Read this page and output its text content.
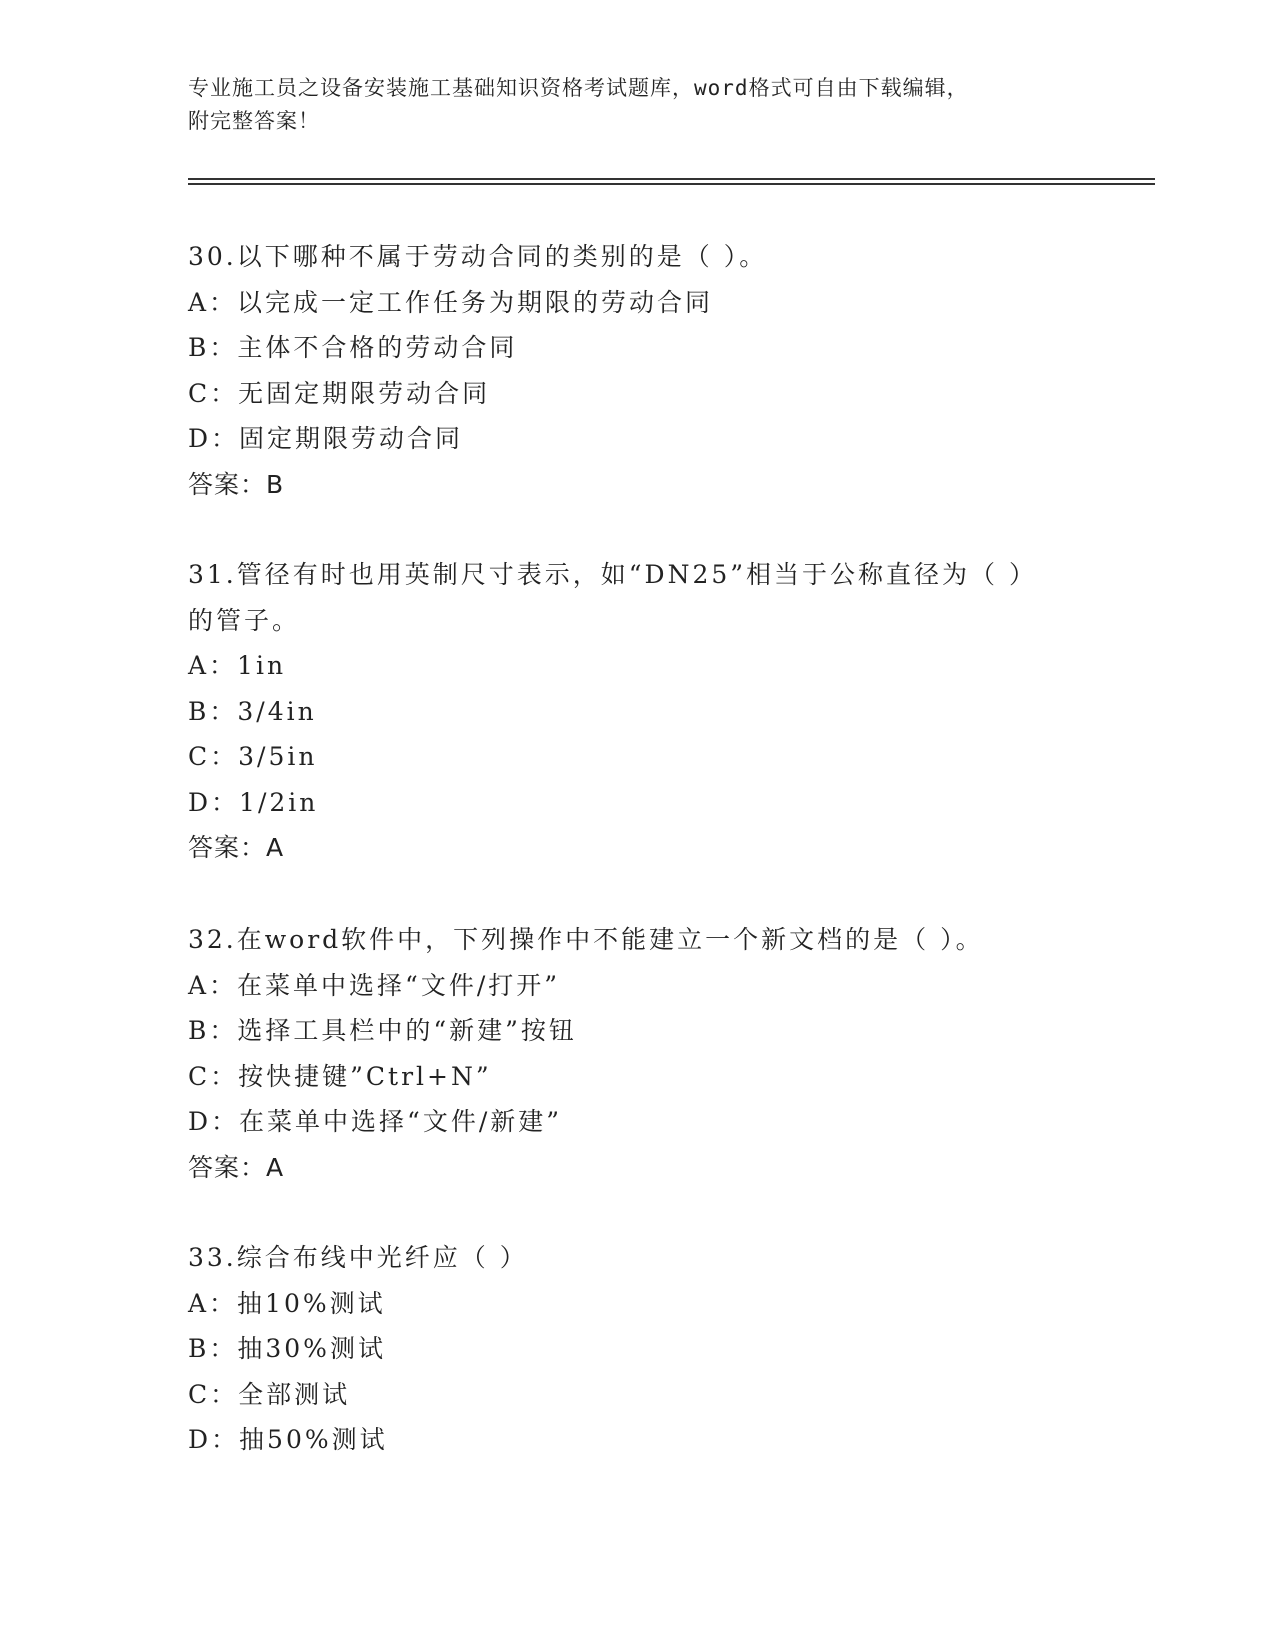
专业施工员之设备安装施工基础知识资格考试题库，word格式可自由下载编辑，
附完整答案！
30.以下哪种不属于劳动合同的类别的是（ ）。
A：以完成一定工作任务为期限的劳动合同
B：主体不合格的劳动合同
C：无固定期限劳动合同
D：固定期限劳动合同
答案：B
31.管径有时也用英制尺寸表示，如“DN25”相当于公称直径为（ ）
的管子。
A：1in
B：3/4in
C：3/5in
D：1/2in
答案：A
32.在word软件中，下列操作中不能建立一个新文档的是（ ）。
A：在菜单中选择“文件/打开”
B：选择工具栏中的“新建”按钮
C：按快捷键”Ctrl+N”
D：在菜单中选择“文件/新建”
答案：A
33.综合布线中光纤应（ ）
A：抽10%测试
B：抽30%测试
C：全部测试
D：抽50%测试
